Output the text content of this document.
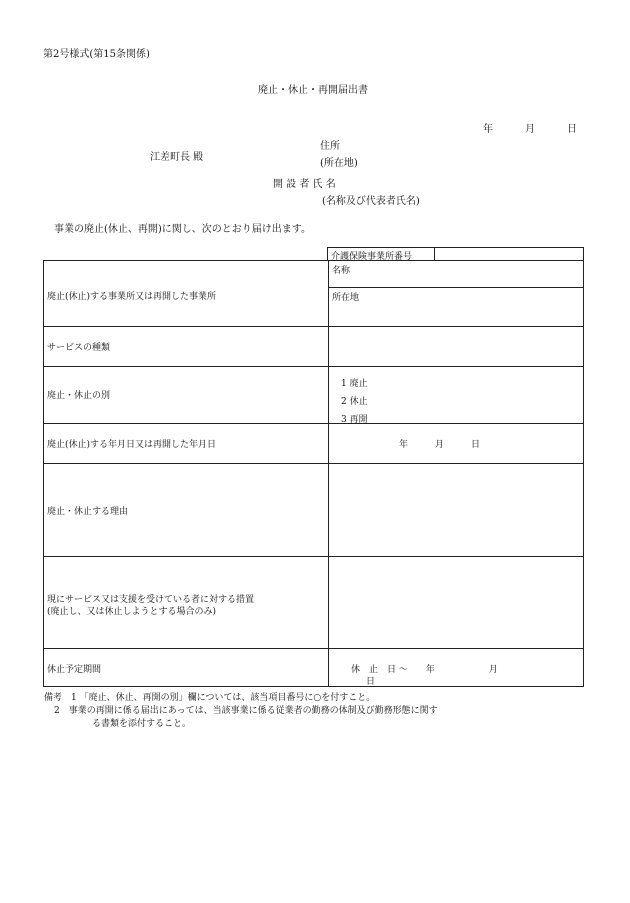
第2号様式(第15条関係)
廃止・休止・再開届出書
年　　月　　日
江差町長 殿
住所
(所在地)
開 設 者 氏 名
(名称及び代表者氏名)
事業の廃止(休止、再開)に関し、次のとおり届け出ます。
介護保険事業所番号
廃止(休止)する事業所又は再開した事業所
名称
所在地
サービスの種類
廃止・休止の別
1 廃止
2 休止
3 再開
廃止(休止)する年月日又は再開した年月日	年　　　月　　　日
廃止・休止する理由
現にサービス又は支援を受けている者に対する措置
(廃止し、又は休止しようとする場合のみ)
休止予定期間	休　止　日 ～　　年　　　　　　月
日
備考　1 「廃止、休止、再開の別」欄については、該当項目番号に○を付すこと。
2　事業の再開に係る届出にあっては、当該事業に係る従業者の勤務の体制及び勤務形態に関す
る書類を添付すること。
